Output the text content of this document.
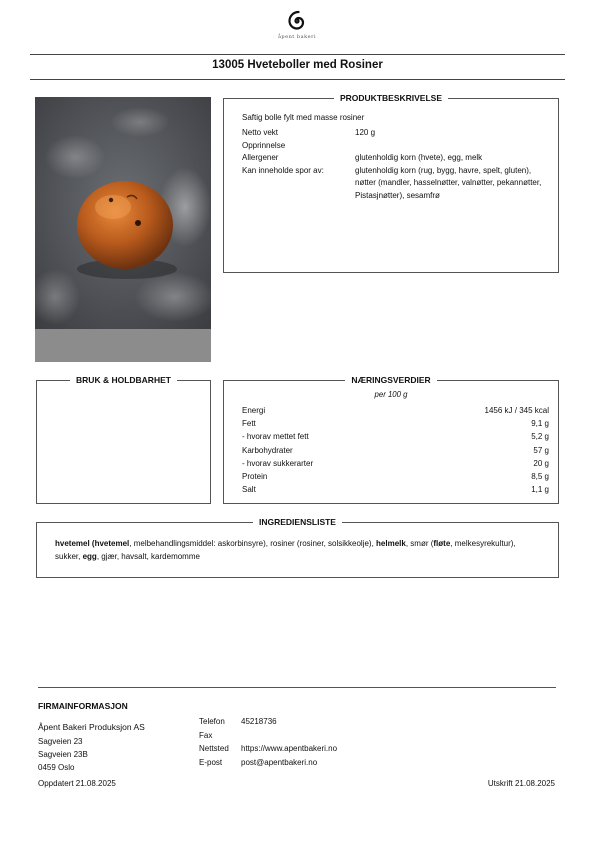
åpent bakeri
13005 Hveteboller med Rosiner
PRODUKTBESKRIVELSE
Saftig bolle fylt med masse rosiner
Netto vekt	120 g
Opprinnelse
Allergener	glutenholdig korn (hvete), egg, melk
Kan inneholde spor av:	glutenholdig korn (rug, bygg, havre, spelt, gluten), nøtter (mandler, hasselnøtter, valnøtter, pekannøtter, Pistasjnøtter), sesamfrø
BRUK & HOLDBARHET	NÆRINGSVERDIER
per 100 g
Energi	1456 kJ / 345 kcal
Fett	9,1 g
- hvorav mettet fett	5,2 g
Karbohydrater	57 g
- hvorav sukkerarter	20 g
Protein	8,5 g
Salt	1,1 g
INGREDIENSLISTE
hvetemel (hvetemel, melbehandlingsmiddel: askorbinsyre), rosiner (rosiner, solsikkeolje), helmelk, smør (fløte, melkesyrekultur), sukker, egg, gjær, havsalt, kardemomme
FIRMAINFORMASJON
Åpent Bakeri Produksjon AS
Sagveien 23
Sagveien 23B
0459 Oslo
Telefon	45218736
Fax
Nettsted	https://www.apentbakeri.no
E-post	post@apentbakeri.no
Oppdatert 21.08.2025	Utskrift 21.08.2025
